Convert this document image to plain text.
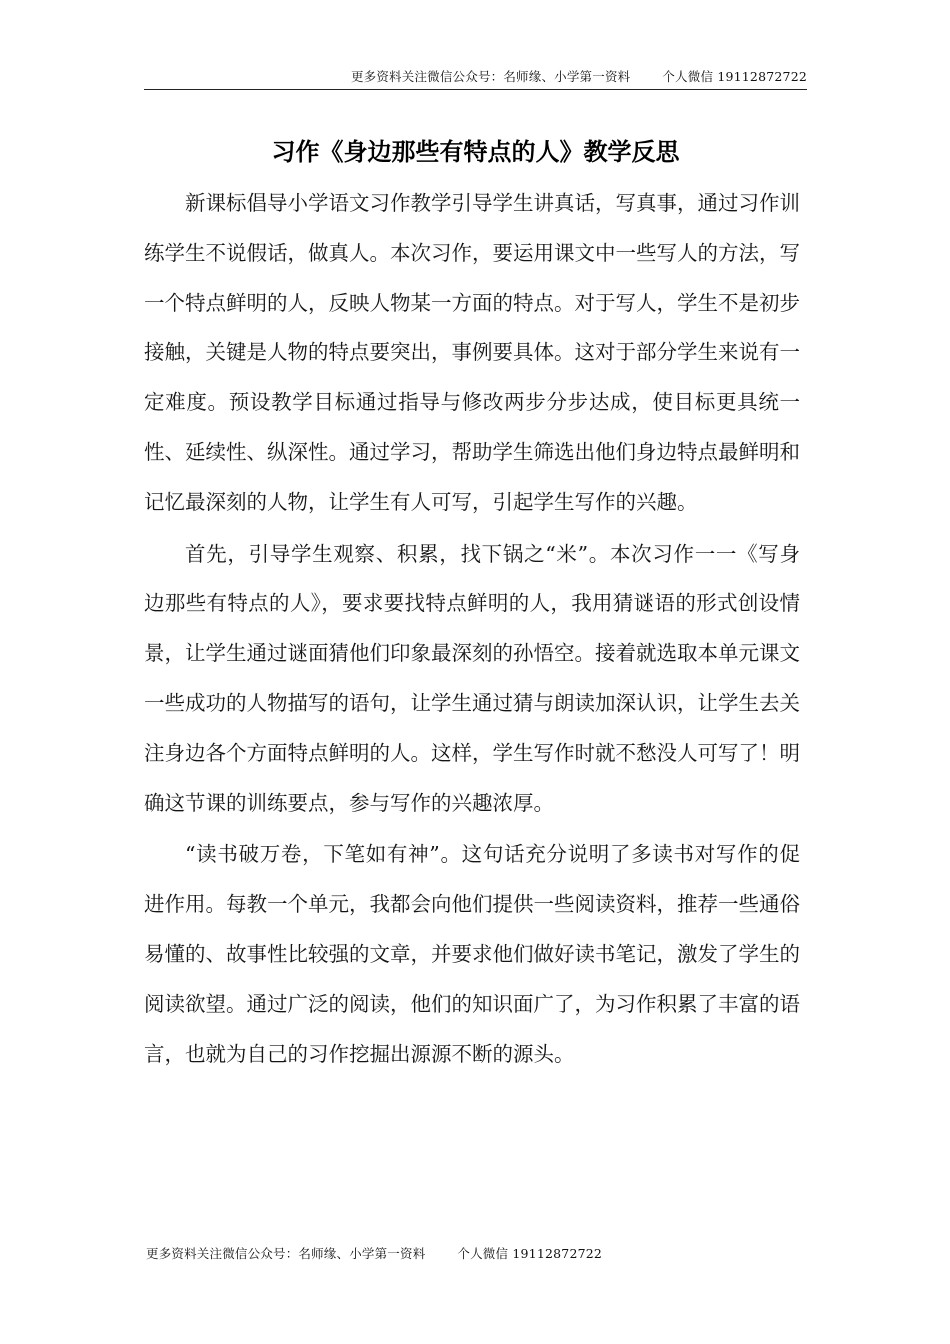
更多资料关注微信公众号：名师缘、小学第一资料	个人微信 19112872722
习作《身边那些有特点的人》教学反思

新课标倡导小学语文习作教学引导学生讲真话，写真事，通过习作训练学生不说假话，做真人。本次习作，要运用课文中一些写人的方法，写一个特点鲜明的人，反映人物某一方面的特点。对于写人，学生不是初步接触，关键是人物的特点要突出，事例要具体。这对于部分学生来说有一定难度。预设教学目标通过指导与修改两步分步达成，使目标更具统一性、延续性、纵深性。通过学习，帮助学生筛选出他们身边特点最鲜明和记忆最深刻的人物，让学生有人可写，引起学生写作的兴趣。

首先，引导学生观察、积累，找下锅之“米”。本次习作一一《写身边那些有特点的人》，要求要找特点鲜明的人，我用猜谜语的形式创设情景，让学生通过谜面猜他们印象最深刻的孙悟空。接着就选取本单元课文一些成功的人物描写的语句，让学生通过猜与朗读加深认识，让学生去关注身边各个方面特点鲜明的人。这样，学生写作时就不愁没人可写了！明确这节课的训练要点，参与写作的兴趣浓厚。

“读书破万卷，下笔如有神”。这句话充分说明了多读书对写作的促进作用。每教一个单元，我都会向他们提供一些阅读资料，推荐一些通俗易懂的、故事性比较强的文章，并要求他们做好读书笔记，激发了学生的阅读欲望。通过广泛的阅读，他们的知识面广了，为习作积累了丰富的语言，也就为自己的习作挖掘出源源不断的源头。

更多资料关注微信公众号：名师缘、小学第一资料	个人微信 19112872722
